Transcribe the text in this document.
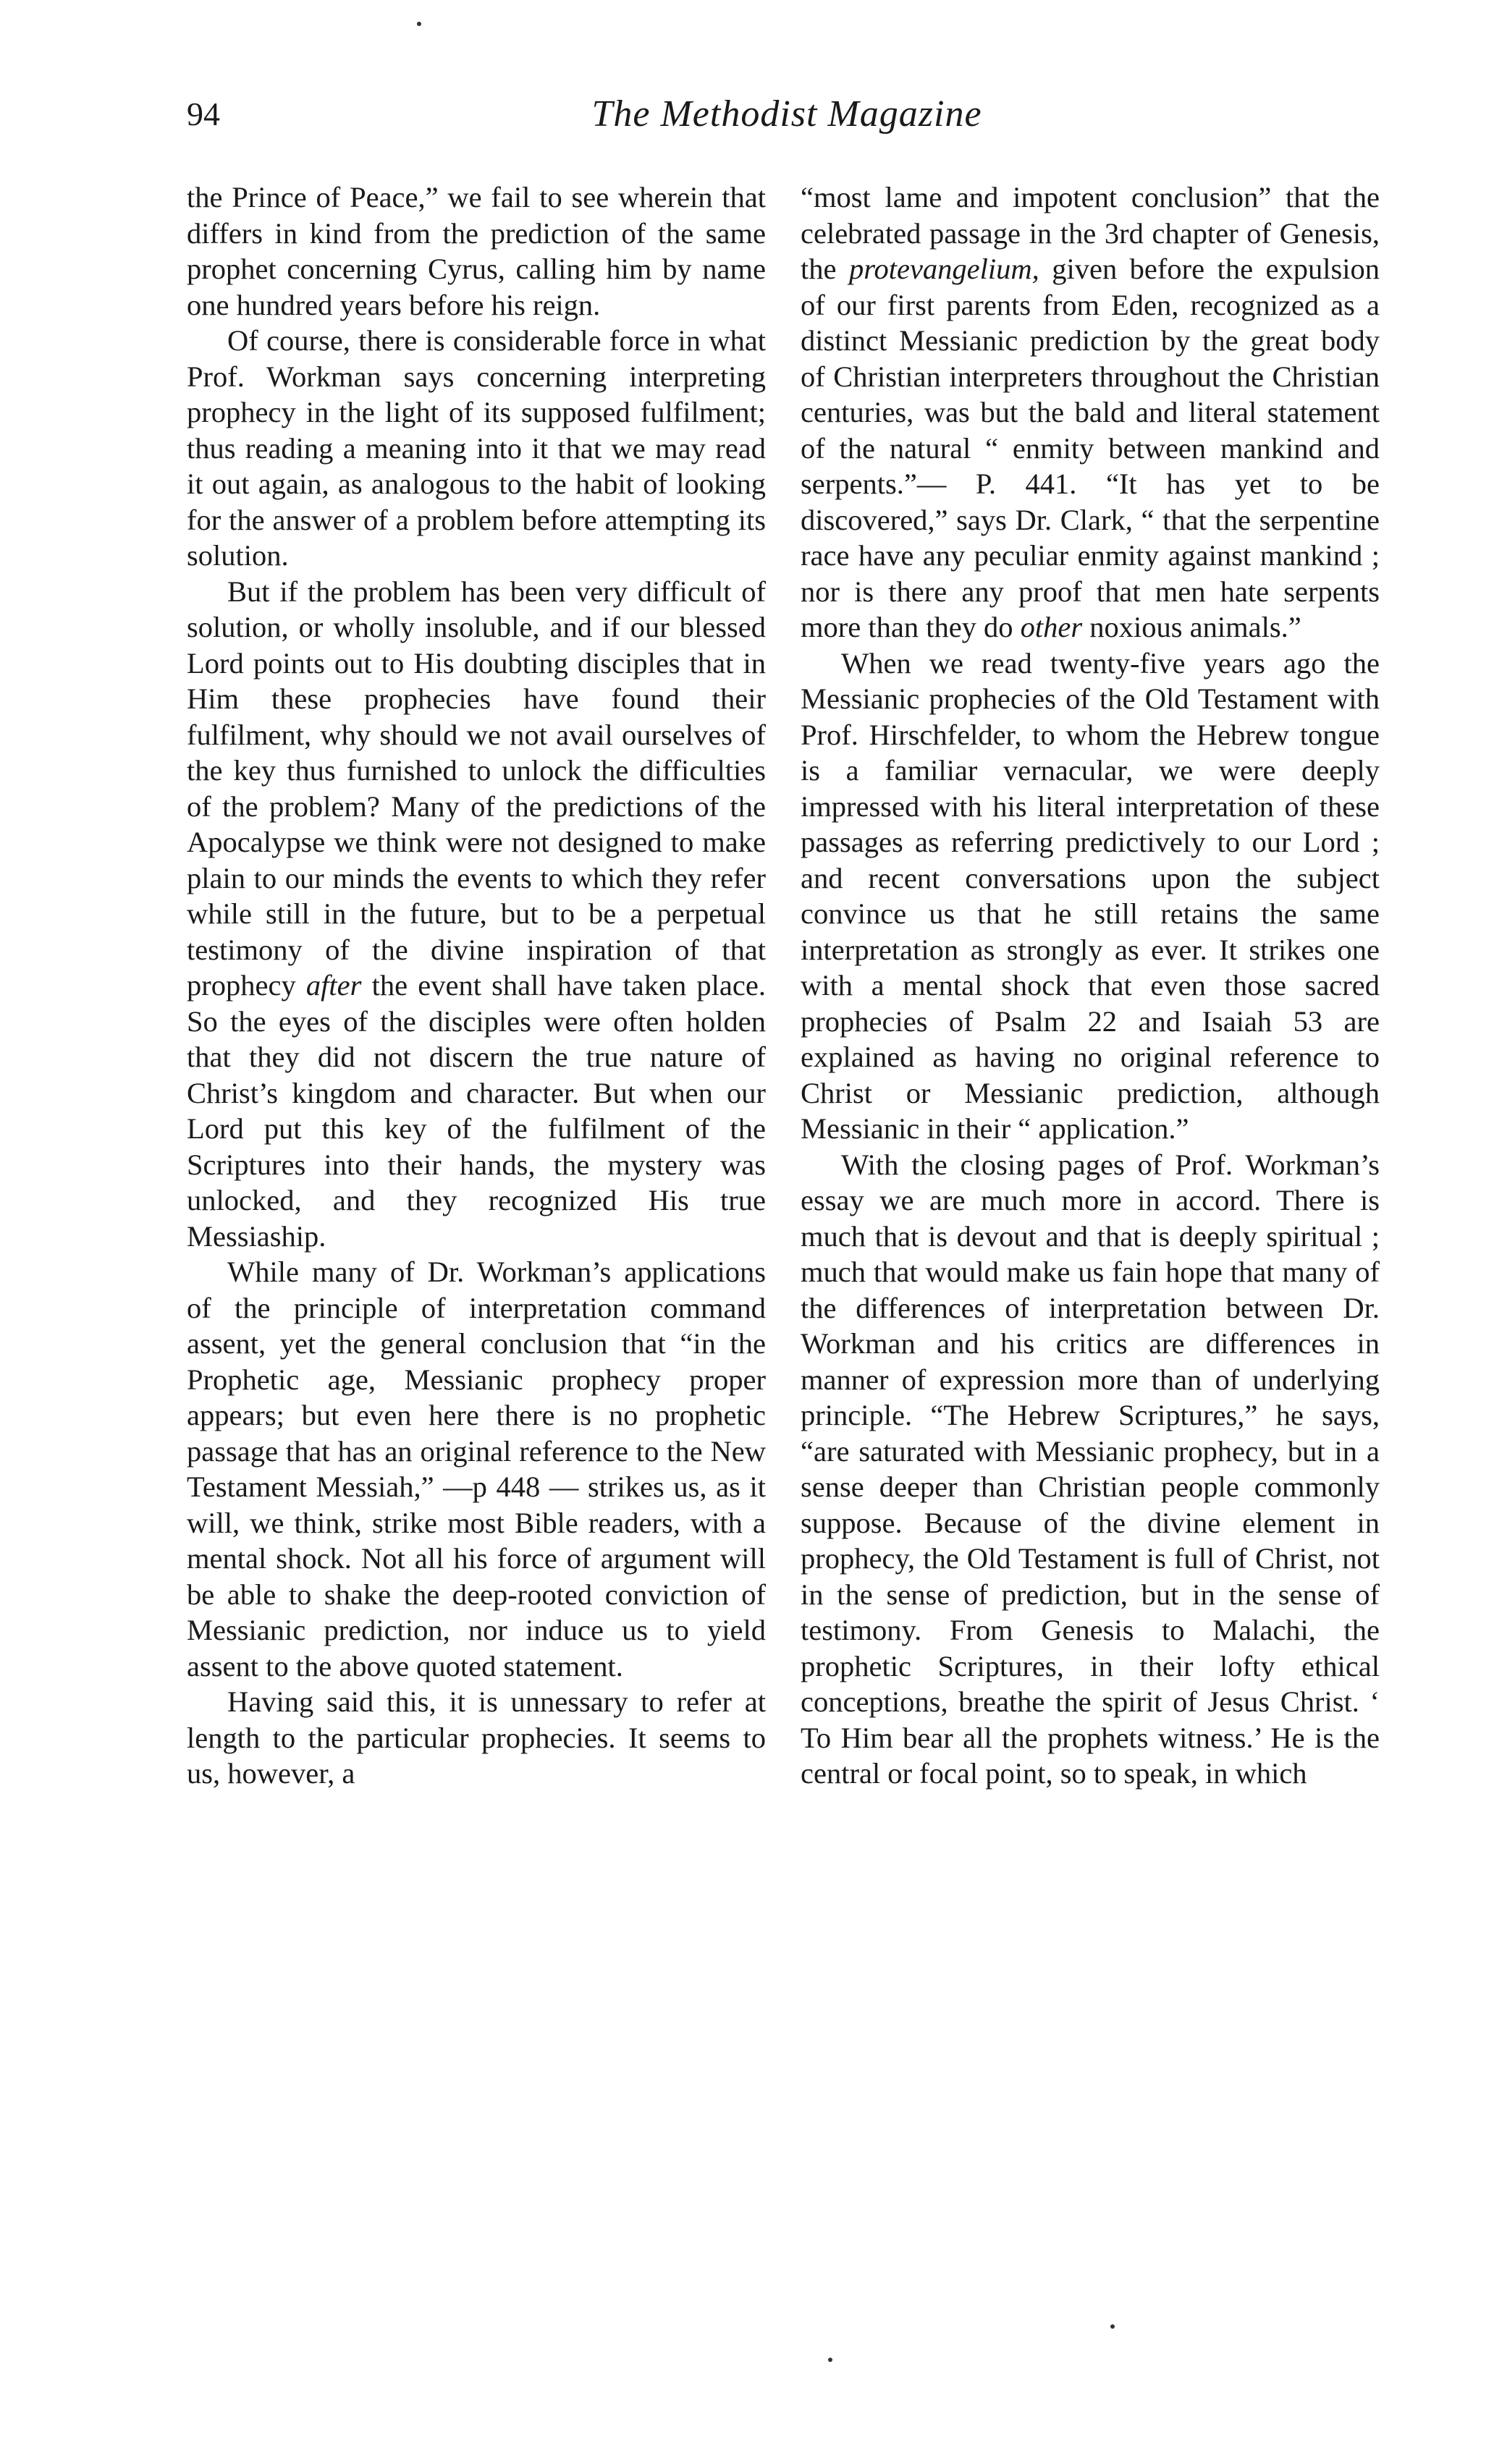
94	The Methodist Magazine

the Prince of Peace,” we fail to see wherein that differs in kind from the prediction of the same prophet concerning Cyrus, calling him by name one hundred years before his reign.

Of course, there is considerable force in what Prof. Workman says concerning interpreting prophecy in the light of its supposed fulfilment; thus reading a meaning into it that we may read it out again, as analogous to the habit of looking for the answer of a problem before attempting its solution.

But if the problem has been very difficult of solution, or wholly insoluble, and if our blessed Lord points out to His doubting disciples that in Him these prophecies have found their fulfilment, why should we not avail ourselves of the key thus furnished to unlock the difficulties of the problem? Many of the predictions of the Apocalypse we think were not designed to make plain to our minds the events to which they refer while still in the future, but to be a perpetual testimony of the divine inspiration of that prophecy after the event shall have taken place. So the eyes of the disciples were often holden that they did not discern the true nature of Christ’s kingdom and character. But when our Lord put this key of the fulfilment of the Scriptures into their hands, the mystery was unlocked, and they recognized His true Messiaship.

While many of Dr. Workman’s applications of the principle of interpretation command assent, yet the general conclusion that “in the Prophetic age, Messianic prophecy proper appears; but even here there is no prophetic passage that has an original reference to the New Testament Messiah,” —p 448 — strikes us, as it will, we think, strike most Bible readers, with a mental shock. Not all his force of argument will be able to shake the deep-rooted conviction of Messianic prediction, nor induce us to yield assent to the above quoted statement.

Having said this, it is unnessary to refer at length to the particular prophecies. It seems to us, however, a

“most lame and impotent conclusion” that the celebrated passage in the 3rd chapter of Genesis, the protevangelium, given before the expulsion of our first parents from Eden, recognized as a distinct Messianic prediction by the great body of Christian interpreters throughout the Christian centuries, was but the bald and literal statement of the natural “ enmity between mankind and serpents.”— P. 441. “It has yet to be discovered,” says Dr. Clark, “ that the serpentine race have any peculiar enmity against mankind ; nor is there any proof that men hate serpents more than they do other noxious animals.”

When we read twenty-five years ago the Messianic prophecies of the Old Testament with Prof. Hirschfelder, to whom the Hebrew tongue is a familiar vernacular, we were deeply impressed with his literal interpretation of these passages as referring predictively to our Lord ; and recent conversations upon the subject convince us that he still retains the same interpretation as strongly as ever. It strikes one with a mental shock that even those sacred prophecies of Psalm 22 and Isaiah 53 are explained as having no original reference to Christ or Messianic prediction, although Messianic in their “ application.”

With the closing pages of Prof. Workman’s essay we are much more in accord. There is much that is devout and that is deeply spiritual ; much that would make us fain hope that many of the differences of interpretation between Dr. Workman and his critics are differences in manner of expression more than of underlying principle. “The Hebrew Scriptures,” he says, “are saturated with Messianic prophecy, but in a sense deeper than Christian people commonly suppose. Because of the divine element in prophecy, the Old Testament is full of Christ, not in the sense of prediction, but in the sense of testimony. From Genesis to Malachi, the prophetic Scriptures, in their lofty ethical conceptions, breathe the spirit of Jesus Christ. ‘ To Him bear all the prophets witness.’ He is the central or focal point, so to speak, in which
